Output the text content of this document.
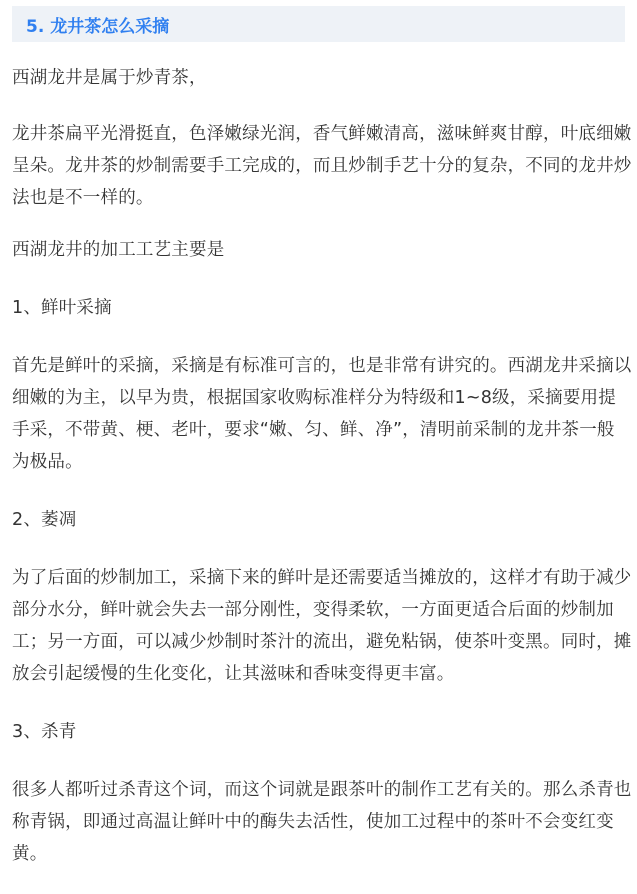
5. 龙井茶怎么采摘

西湖龙井是属于炒青茶，

龙井茶扁平光滑挺直，色泽嫩绿光润，香气鲜嫩清高，滋味鲜爽甘醇，叶底细嫩呈朵。龙井茶的炒制需要手工完成的，而且炒制手艺十分的复杂，不同的龙井炒法也是不一样的。

西湖龙井的加工工艺主要是

1、鲜叶采摘

首先是鲜叶的采摘，采摘是有标准可言的，也是非常有讲究的。西湖龙井采摘以细嫩的为主，以早为贵，根据国家收购标准样分为特级和1~8级，采摘要用提手采，不带黄、梗、老叶，要求“嫩、匀、鲜、净”，清明前采制的龙井茶一般为极品。

2、萎凋

为了后面的炒制加工，采摘下来的鲜叶是还需要适当摊放的，这样才有助于减少部分水分，鲜叶就会失去一部分刚性，变得柔软，一方面更适合后面的炒制加工；另一方面，可以减少炒制时茶汁的流出，避免粘锅，使茶叶变黑。同时，摊放会引起缓慢的生化变化，让其滋味和香味变得更丰富。

3、杀青

很多人都听过杀青这个词，而这个词就是跟茶叶的制作工艺有关的。那么杀青也称青锅，即通过高温让鲜叶中的酶失去活性，使加工过程中的茶叶不会变红变黄。
